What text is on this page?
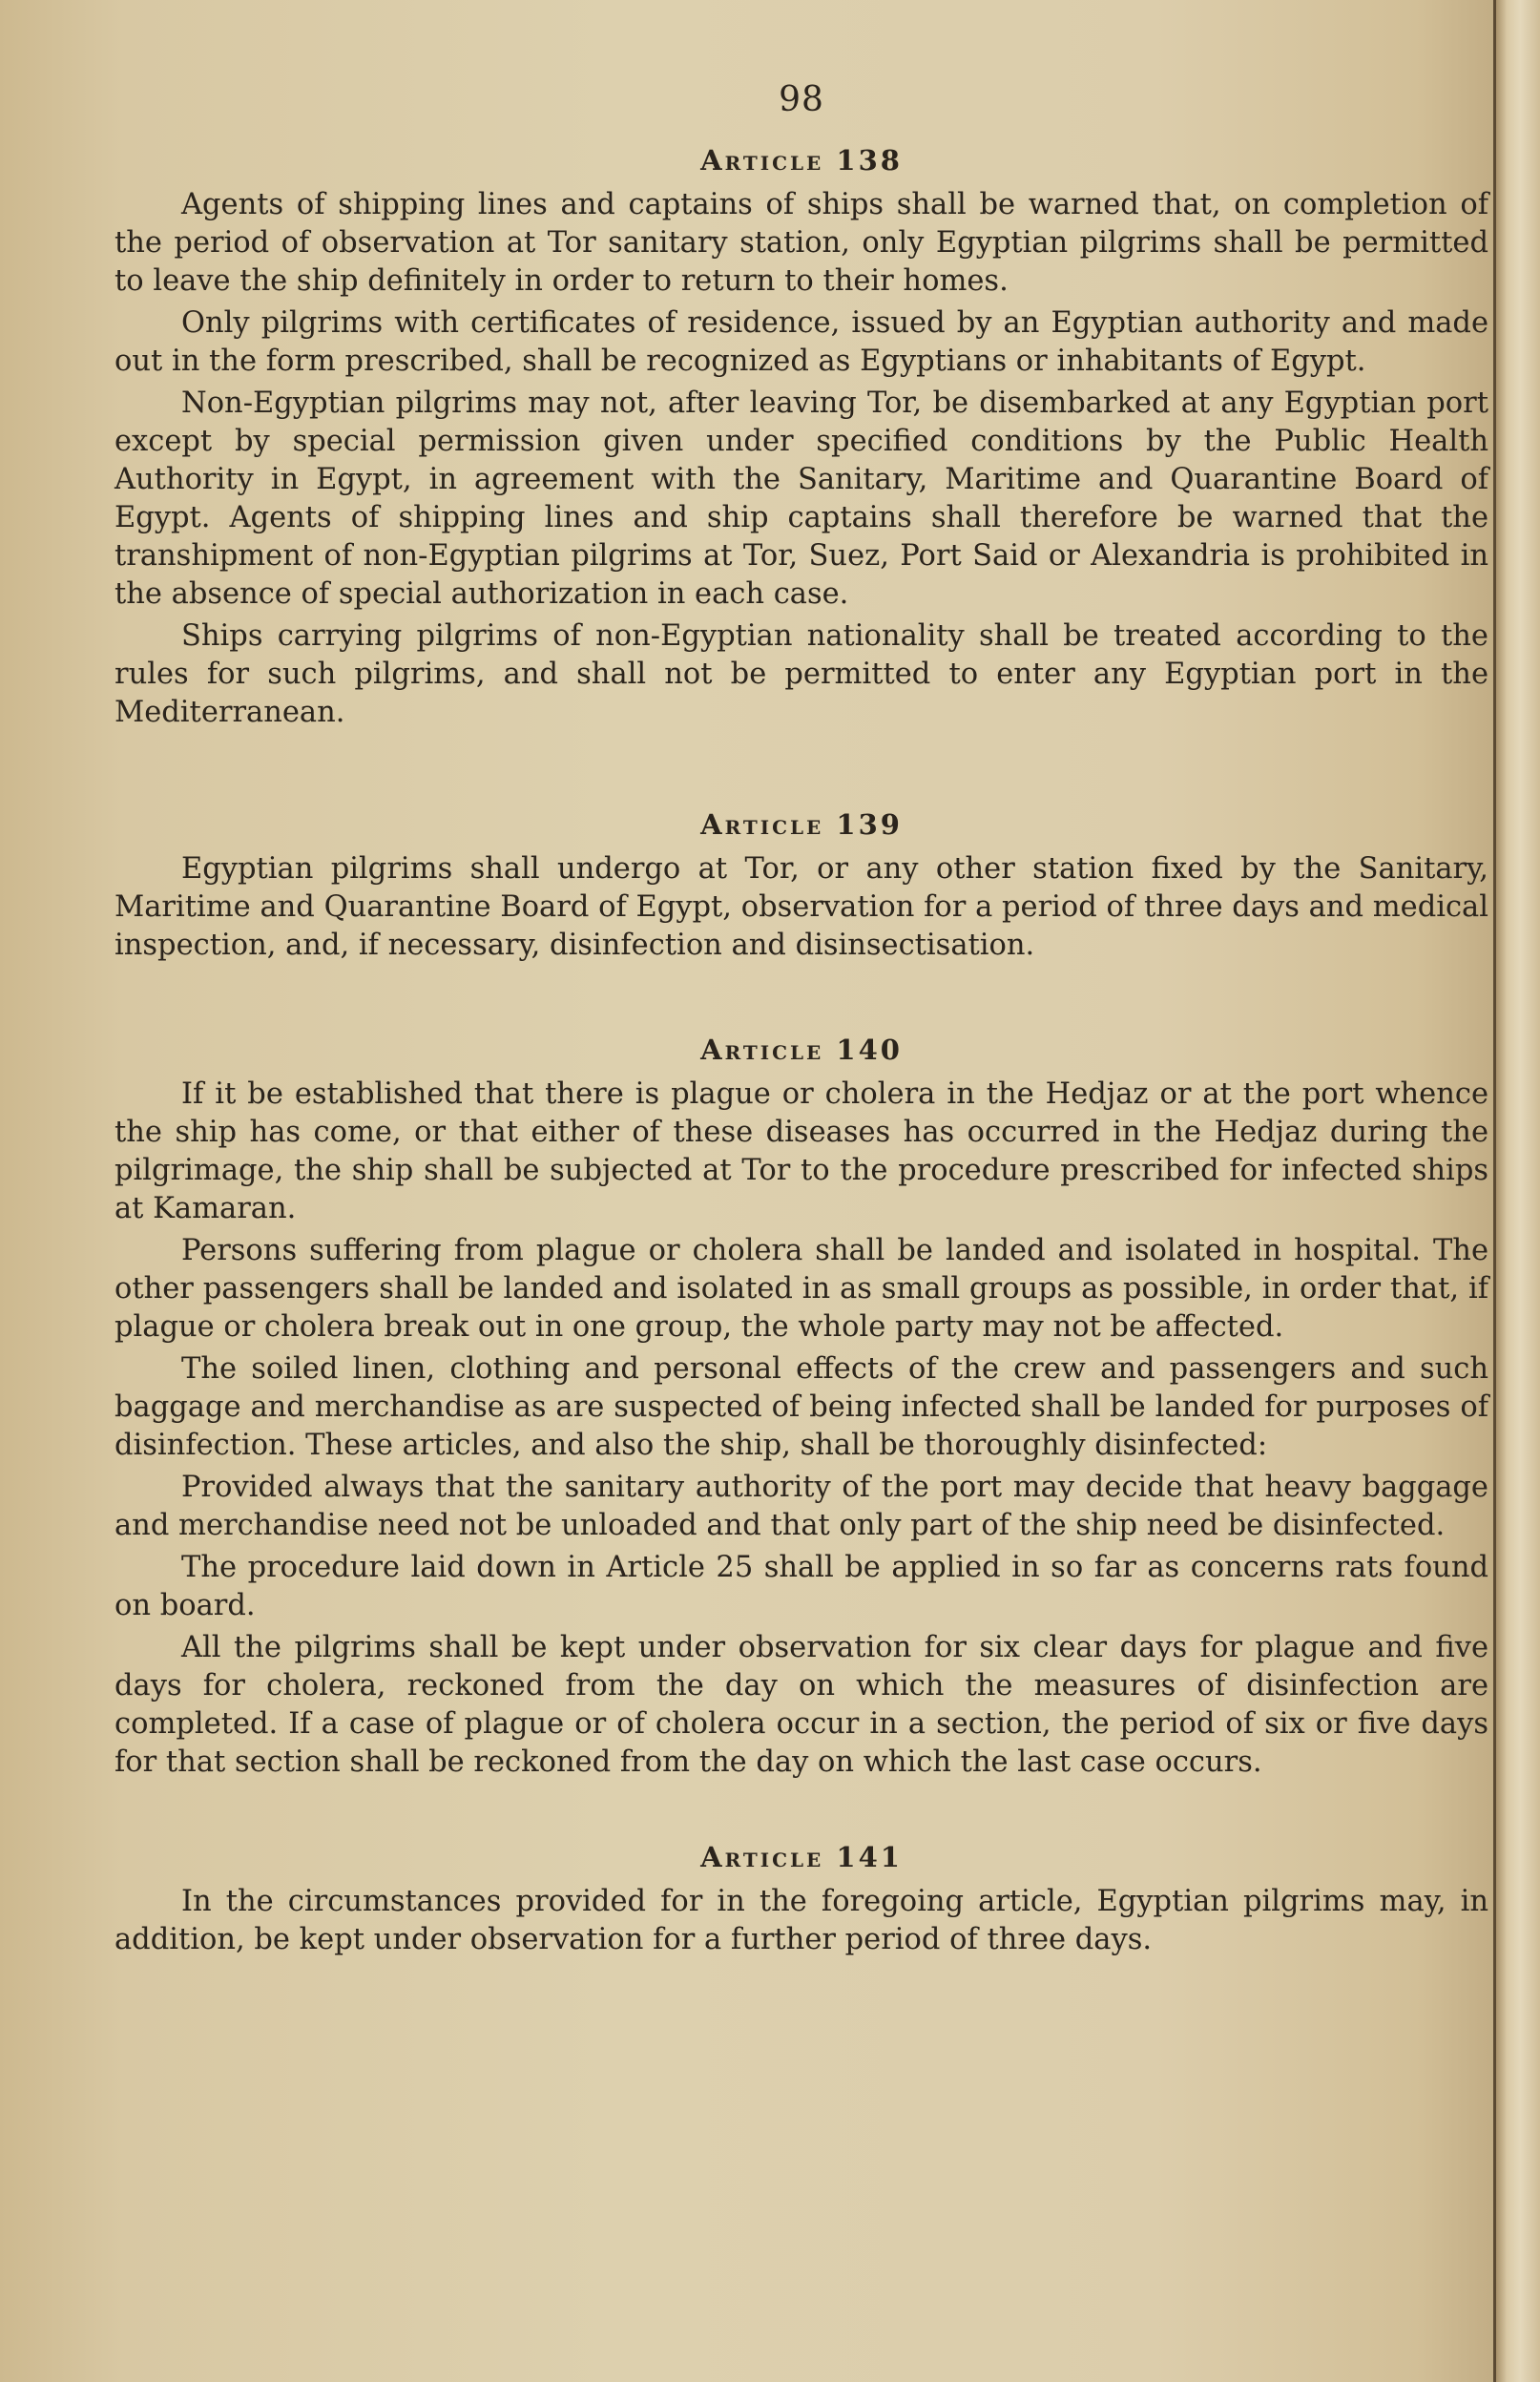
98
Article 138

Agents of shipping lines and captains of ships shall be warned that, on completion of the period of observation at Tor sanitary station, only Egyptian pilgrims shall be permitted to leave the ship definitely in order to return to their homes.

Only pilgrims with certificates of residence, issued by an Egyptian authority and made out in the form prescribed, shall be recognized as Egyptians or inhabitants of Egypt.

Non-Egyptian pilgrims may not, after leaving Tor, be disembarked at any Egyptian port except by special permission given under specified conditions by the Public Health Authority in Egypt, in agreement with the Sanitary, Maritime and Quarantine Board of Egypt. Agents of shipping lines and ship captains shall therefore be warned that the transhipment of non-Egyptian pilgrims at Tor, Suez, Port Said or Alexandria is prohibited in the absence of special authorization in each case.

Ships carrying pilgrims of non-Egyptian nationality shall be treated according to the rules for such pilgrims, and shall not be permitted to enter any Egyptian port in the Mediterranean.

Article 139

Egyptian pilgrims shall undergo at Tor, or any other station fixed by the Sanitary, Maritime and Quarantine Board of Egypt, observation for a period of three days and medical inspection, and, if necessary, disinfection and disinsectisation.

Article 140

If it be established that there is plague or cholera in the Hedjaz or at the port whence the ship has come, or that either of these diseases has occurred in the Hedjaz during the pilgrimage, the ship shall be subjected at Tor to the procedure prescribed for infected ships at Kamaran.

Persons suffering from plague or cholera shall be landed and isolated in hospital. The other passengers shall be landed and isolated in as small groups as possible, in order that, if plague or cholera break out in one group, the whole party may not be affected.

The soiled linen, clothing and personal effects of the crew and passengers and such baggage and merchandise as are suspected of being infected shall be landed for purposes of disinfection. These articles, and also the ship, shall be thoroughly disinfected:

Provided always that the sanitary authority of the port may decide that heavy baggage and merchandise need not be unloaded and that only part of the ship need be disinfected.

The procedure laid down in Article 25 shall be applied in so far as concerns rats found on board.

All the pilgrims shall be kept under observation for six clear days for plague and five days for cholera, reckoned from the day on which the measures of disinfection are completed. If a case of plague or of cholera occur in a section, the period of six or five days for that section shall be reckoned from the day on which the last case occurs.

Article 141

In the circumstances provided for in the foregoing article, Egyptian pilgrims may, in addition, be kept under observation for a further period of three days.
